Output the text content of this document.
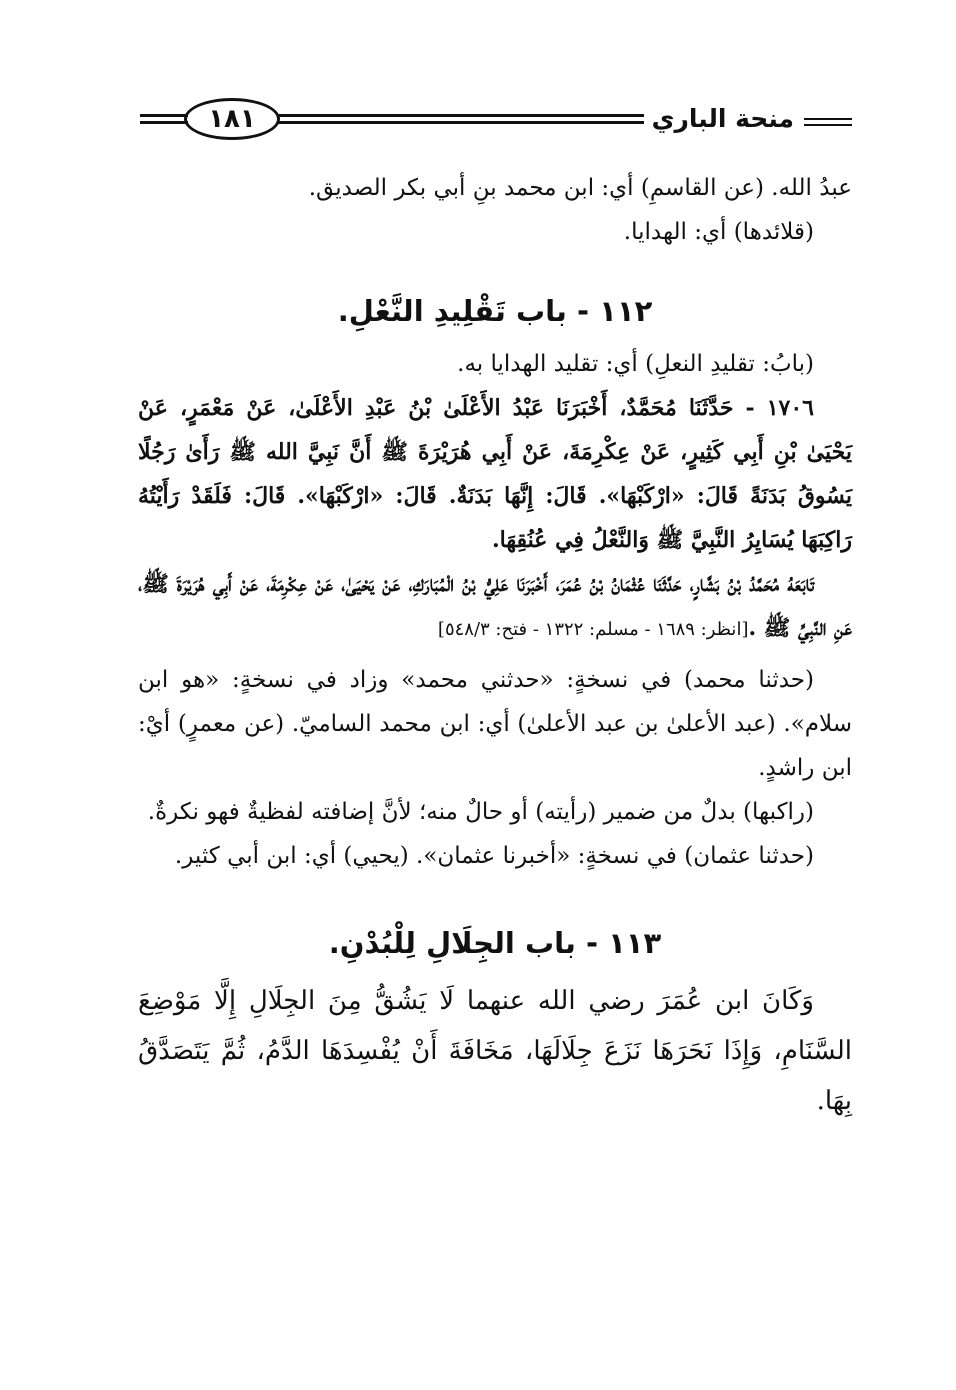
١٨١	منحة الباري

عبدُ الله. (عن القاسمِ) أي: ابن محمد بنِ أبي بكر الصديق.

(قلائدها) أي: الهدايا.

١١٢ - باب تَقْلِيدِ النَّعْلِ.

(بابُ: تقليدِ النعلِ) أي: تقليد الهدايا به.

١٧٠٦ - حَدَّثَنَا مُحَمَّدٌ، أَخْبَرَنَا عَبْدُ الأَعْلَىٰ بْنُ عَبْدِ الأَعْلَىٰ، عَنْ مَعْمَرٍ، عَنْ يَحْيَىٰ بْنِ أَبِي كَثِيرٍ، عَنْ عِكْرِمَةَ، عَنْ أَبِي هُرَيْرَةَ ﷺ أَنَّ نَبِيَّ الله ﷺ رَأَىٰ رَجُلًا يَسُوقُ بَدَنَةً قَالَ: «ارْكَبْهَا». قَالَ: إِنَّهَا بَدَنَةٌ. قَالَ: «ارْكَبْهَا». قَالَ: فَلَقَدْ رَأَيْتُهُ رَاكِبَهَا يُسَايِرُ النَّبِيَّ ﷺ وَالنَّعْلُ فِي عُنُقِهَا.

تَابَعَهُ مُحَمَّدُ بْنُ بَشَّارٍ، حَدَّثَنَا عُثْمَانُ بْنُ عُمَرَ، أَخْبَرَنَا عَلِيُّ بْنُ الْمُبَارَكِ، عَنْ يَحْيَىٰ، عَنْ عِكْرِمَةَ، عَنْ أَبِي هُرَيْرَةَ ﷺ، عَنِ النَّبِيِّ ﷺ .[انظر: ١٦٨٩ - مسلم: ١٣٢٢ - فتح: ٥٤٨/٣]

(حدثنا محمد) في نسخةٍ: «حدثني محمد» وزاد في نسخةٍ: «هو ابن سلام». (عبد الأعلىٰ بن عبد الأعلىٰ) أي: ابن محمد الساميّ. (عن معمرٍ) أيْ: ابن راشدٍ.

(راكبها) بدلٌ من ضمير (رأيته) أو حالٌ منه؛ لأنَّ إضافته لفظيةٌ فهو نكرةٌ.

(حدثنا عثمان) في نسخةٍ: «أخبرنا عثمان». (يحيي) أي: ابن أبي كثير.

١١٣ - باب الجِلَالِ لِلْبُدْنِ.

وَكَانَ ابن عُمَرَ رضي الله عنهما لَا يَشُقُّ مِنَ الجِلَالِ إِلَّا مَوْضِعَ السَّنَامِ، وَإِذَا نَحَرَهَا نَزَعَ جِلَالَهَا، مَخَافَةَ أَنْ يُفْسِدَهَا الدَّمُ، ثُمَّ يَتَصَدَّقُ بِهَا.
